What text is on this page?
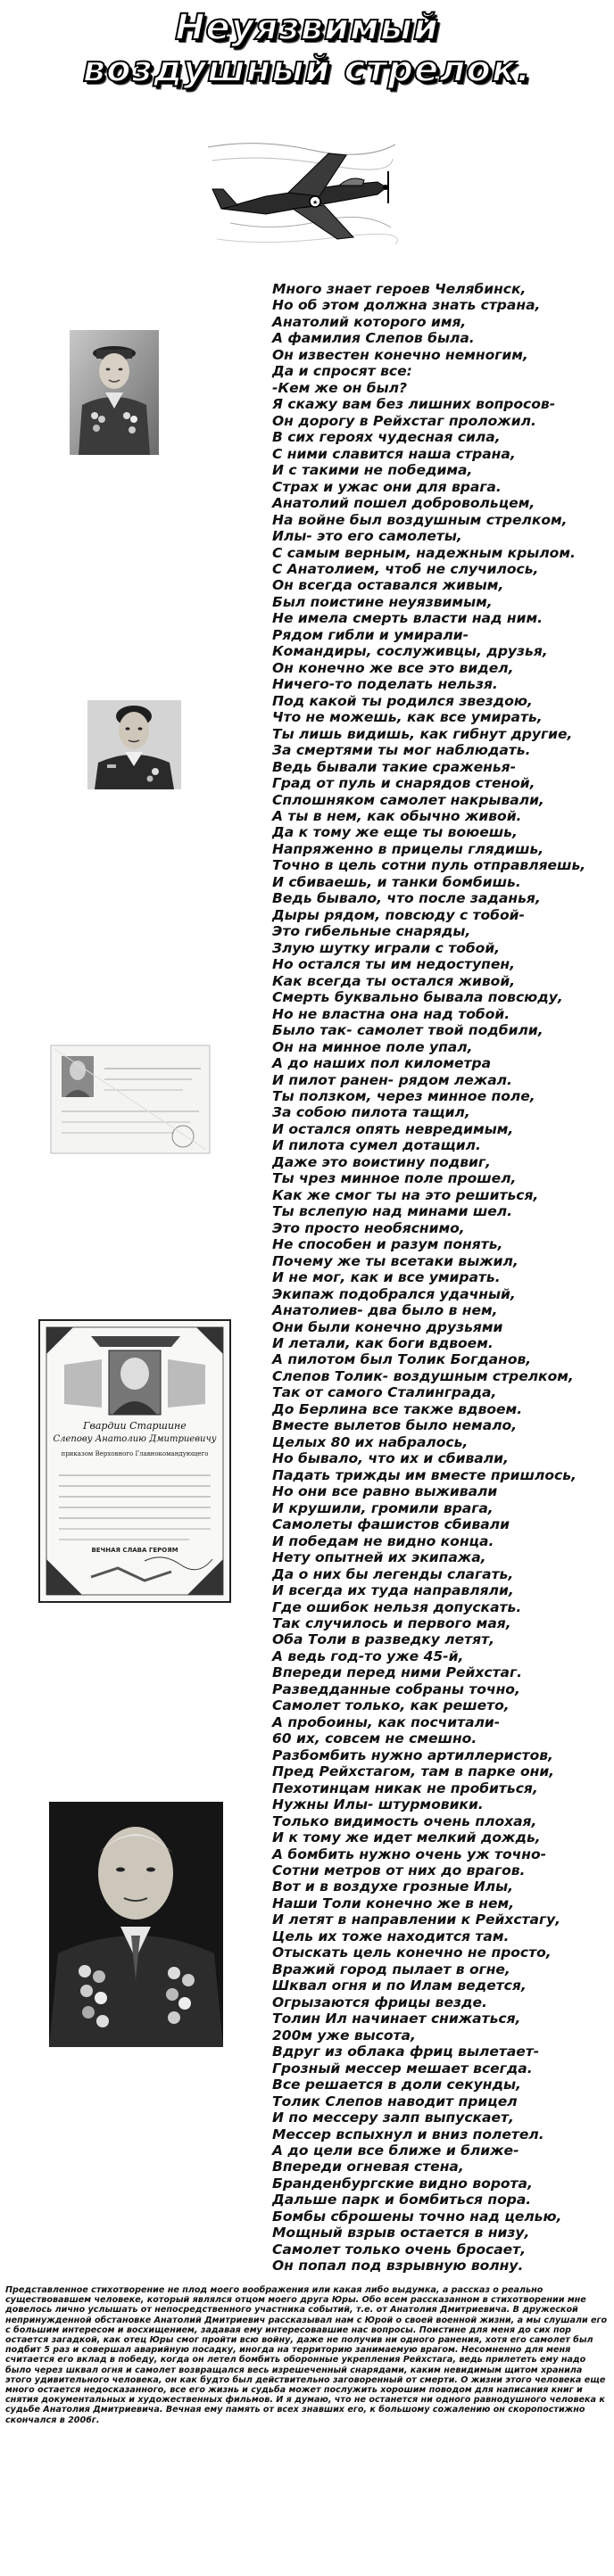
Неуязвимый
воздушный стрелок.
★
Гвардии Старшине
Слепову Анатолию Дмитриевичу
приказом Верховного Главнокомандующего
ВЕЧНАЯ СЛАВА ГЕРОЯМ
Много знает героев Челябинск,
Но об этом должна знать страна,
Анатолий которого имя,
А фамилия Слепов была.
Он известен конечно немногим,
Да и спросят все:
-Кем же он был?
Я скажу вам без лишних вопросов-
Он дорогу в Рейхстаг проложил.
В сих героях чудесная сила,
С ними славится наша страна,
И с такими не победима,
Страх и ужас они для врага.
Анатолий пошел добровольцем,
На войне был воздушным стрелком,
Илы- это его самолеты,
С самым верным, надежным крылом.
С Анатолием, чтоб не случилось,
Он всегда оставался живым,
Был поистине неуязвимым,
Не имела смерть власти над ним.
Рядом гибли и умирали-
Командиры, сослуживцы, друзья,
Он конечно же все это видел,
Ничего-то поделать нельзя.
Под какой ты родился звездою,
Что не можешь, как все умирать,
Ты лишь видишь, как гибнут другие,
За смертями ты мог наблюдать.
Ведь бывали такие сраженья-
Град от пуль и снарядов стеной,
Сплошняком самолет накрывали,
А ты в нем, как обычно живой.
Да к тому же еще ты воюешь,
Напряженно в прицелы глядишь,
Точно в цель сотни пуль отправляешь,
И сбиваешь, и танки бомбишь.
Ведь бывало, что после заданья,
Дыры рядом, повсюду с тобой-
Это гибельные снаряды,
Злую шутку играли с тобой,
Но остался ты им недоступен,
Как всегда ты остался живой,
Смерть буквально бывала повсюду,
Но не властна она над тобой.
Было так- самолет твой подбили,
Он на минное поле упал,
А до наших пол километра
И пилот ранен- рядом лежал.
Ты ползком, через минное поле,
За собою пилота тащил,
И остался опять невредимым,
И пилота сумел дотащил.
Даже это воистину подвиг,
Ты чрез минное поле прошел,
Как же смог ты на это решиться,
Ты вслепую над минами шел.
Это просто необяснимо,
Не способен и разум понять,
Почему же ты всетаки выжил,
И не мог, как и все умирать.
Экипаж подобрался удачный,
Анатолиев- два было в нем,
Они были конечно друзьями
И летали, как боги вдвоем.
А пилотом был Толик Богданов,
Слепов Толик- воздушным стрелком,
Так от самого Сталинграда,
До Берлина все также вдвоем.
Вместе вылетов было немало,
Целых 80 их набралось,
Но бывало, что их и сбивали,
Падать трижды им вместе пришлось,
Но они все равно выживали
И крушили, громили врага,
Самолеты фашистов сбивали
И победам не видно конца.
Нету опытней их экипажа,
Да о них бы легенды слагать,
И всегда их туда направляли,
Где ошибок нельзя допускать.
Так случилось и первого мая,
Оба Толи в разведку летят,
А ведь год-то уже 45-й,
Впереди перед ними Рейхстаг.
Разведданные собраны точно,
Самолет только, как решето,
А пробоины, как посчитали-
60 их, совсем не смешно.
Разбомбить нужно артиллеристов,
Пред Рейхстагом, там в парке они,
Пехотинцам никак не пробиться,
Нужны Илы- штурмовики.
Только видимость очень плохая,
И к тому же идет мелкий дождь,
А бомбить нужно очень уж точно-
Сотни метров от них до врагов.
Вот и в воздухе грозные Илы,
Наши Толи конечно же в нем,
И летят в направлении к Рейхстагу,
Цель их тоже находится там.
Отыскать цель конечно не просто,
Вражий город пылает в огне,
Шквал огня и по Илам ведется,
Огрызаются фрицы везде.
Толин Ил начинает снижаться,
200м уже высота,
Вдруг из облака фриц вылетает-
Грозный мессер мешает всегда.
Все решается в доли секунды,
Толик Слепов наводит прицел
И по мессеру залп выпускает,
Мессер вспыхнул и вниз полетел.
А до цели все ближе и ближе-
Впереди огневая стена,
Бранденбургские видно ворота,
Дальше парк и бомбиться пора.
Бомбы сброшены точно над целью,
Мощный взрыв остается в низу,
Самолет только очень бросает,
Он попал под взрывную волну.

Представленное стихотворение не плод моего воображения или какая либо выдумка, а рассказ о реально существовавшем человеке, который являлся отцом моего друга Юры. Обо всем рассказанном в стихотворении мне довелось лично услышать от непосредственного участника событий, т.е. от Анатолия Дмитриевича. В дружеской непринужденной обстановке Анатолий Дмитриевич рассказывал нам с Юрой о своей военной жизни, а мы слушали его с большим интересом и восхищением, задавая ему интересовавшие нас вопросы. Поистине для меня до сих пор остается загадкой, как отец Юры смог пройти всю войну, даже не получив ни одного ранения, хотя его самолет был подбит 5 раз и совершал аварийную посадку, иногда на территорию занимаемую врагом. Несомненно для меня считается его вклад в победу, когда он летел бомбить оборонные укрепления Рейхстага, ведь прилететь ему надо было через шквал огня и самолет возвращался весь изрешеченный снарядами, каким невидимым щитом хранила этого удивительного человека, он как будто был действительно заговоренный от смерти. О жизни этого человека еще много остается недосказанного, все его жизнь и судьба может послужить хорошим поводом для написания книг и снятия документальных и художественных фильмов. И я думаю, что не останется ни одного равнодушного человека к судьбе Анатолия Дмитриевича. Вечная ему память от всех знавших его, к большому сожалению он скоропостижно скончался в 2006г.
